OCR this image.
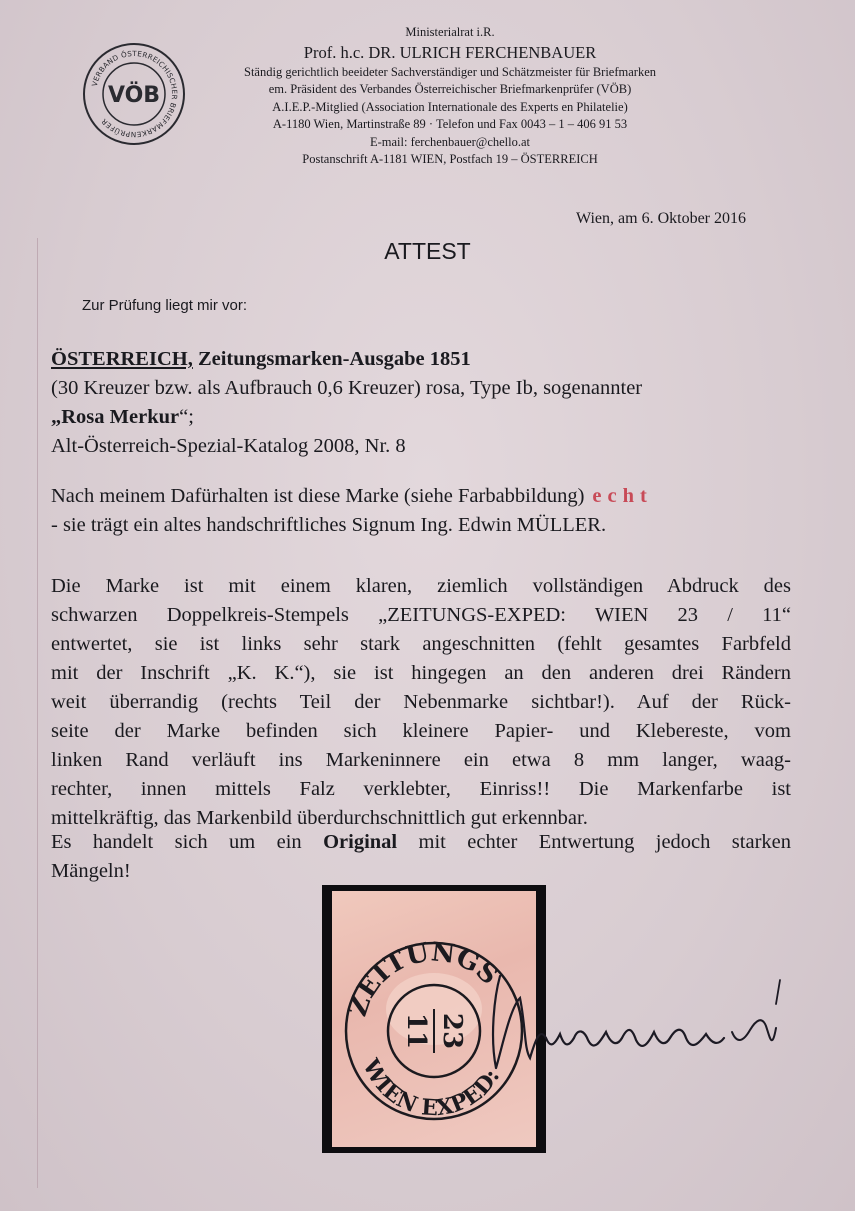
VERBAND ÖSTERREICHISCHER BRIEFMARKENPRÜFER
VÖB
Ministerialrat i.R.
Prof. h.c. DR. ULRICH FERCHENBAUER
Ständig gerichtlich beeideter Sachverständiger und Schätzmeister für Briefmarken
em. Präsident des Verbandes Österreichischer Briefmarkenprüfer (VÖB)
A.I.E.P.-Mitglied (Association Internationale des Experts en Philatelie)
A-1180 Wien, Martinstraße 89 · Telefon und Fax 0043 – 1 – 406 91 53
E-mail: ferchenbauer@chello.at
Postanschrift A-1181 WIEN, Postfach 19 – ÖSTERREICH
Wien, am 6. Oktober 2016
ATTEST
Zur Prüfung liegt mir vor:
ÖSTERREICH, Zeitungsmarken-Ausgabe 1851
(30 Kreuzer bzw. als Aufbrauch 0,6 Kreuzer) rosa, Type Ib, sogenannter
„Rosa Merkur“;
Alt-Österreich-Spezial-Katalog 2008, Nr. 8
Nach meinem Dafürhalten ist diese Marke (siehe Farbabbildung) echt
- sie trägt ein altes handschriftliches Signum Ing. Edwin MÜLLER.
Die Marke ist mit einem klaren, ziemlich vollständigen Abdruck des
schwarzen Doppelkreis-Stempels „ZEITUNGS-EXPED: WIEN 23 / 11“
entwertet, sie ist links sehr stark angeschnitten (fehlt gesamtes Farbfeld
mit der Inschrift „K. K.“), sie ist hingegen an den anderen drei Rändern
weit überrandig (rechts Teil der Nebenmarke sichtbar!). Auf der Rück-
seite der Marke befinden sich kleinere Papier- und Klebereste, vom
linken Rand verläuft ins Markeninnere ein etwa 8 mm langer, waag-
rechter, innen mittels Falz verklebter, Einriss!! Die Markenfarbe ist
mittelkräftig, das Markenbild überdurchschnittlich gut erkennbar.
Es handelt sich um ein Original mit echter Entwertung jedoch starken
Mängeln!
ZEITUNGS
WIEN EXPED:
23
11
